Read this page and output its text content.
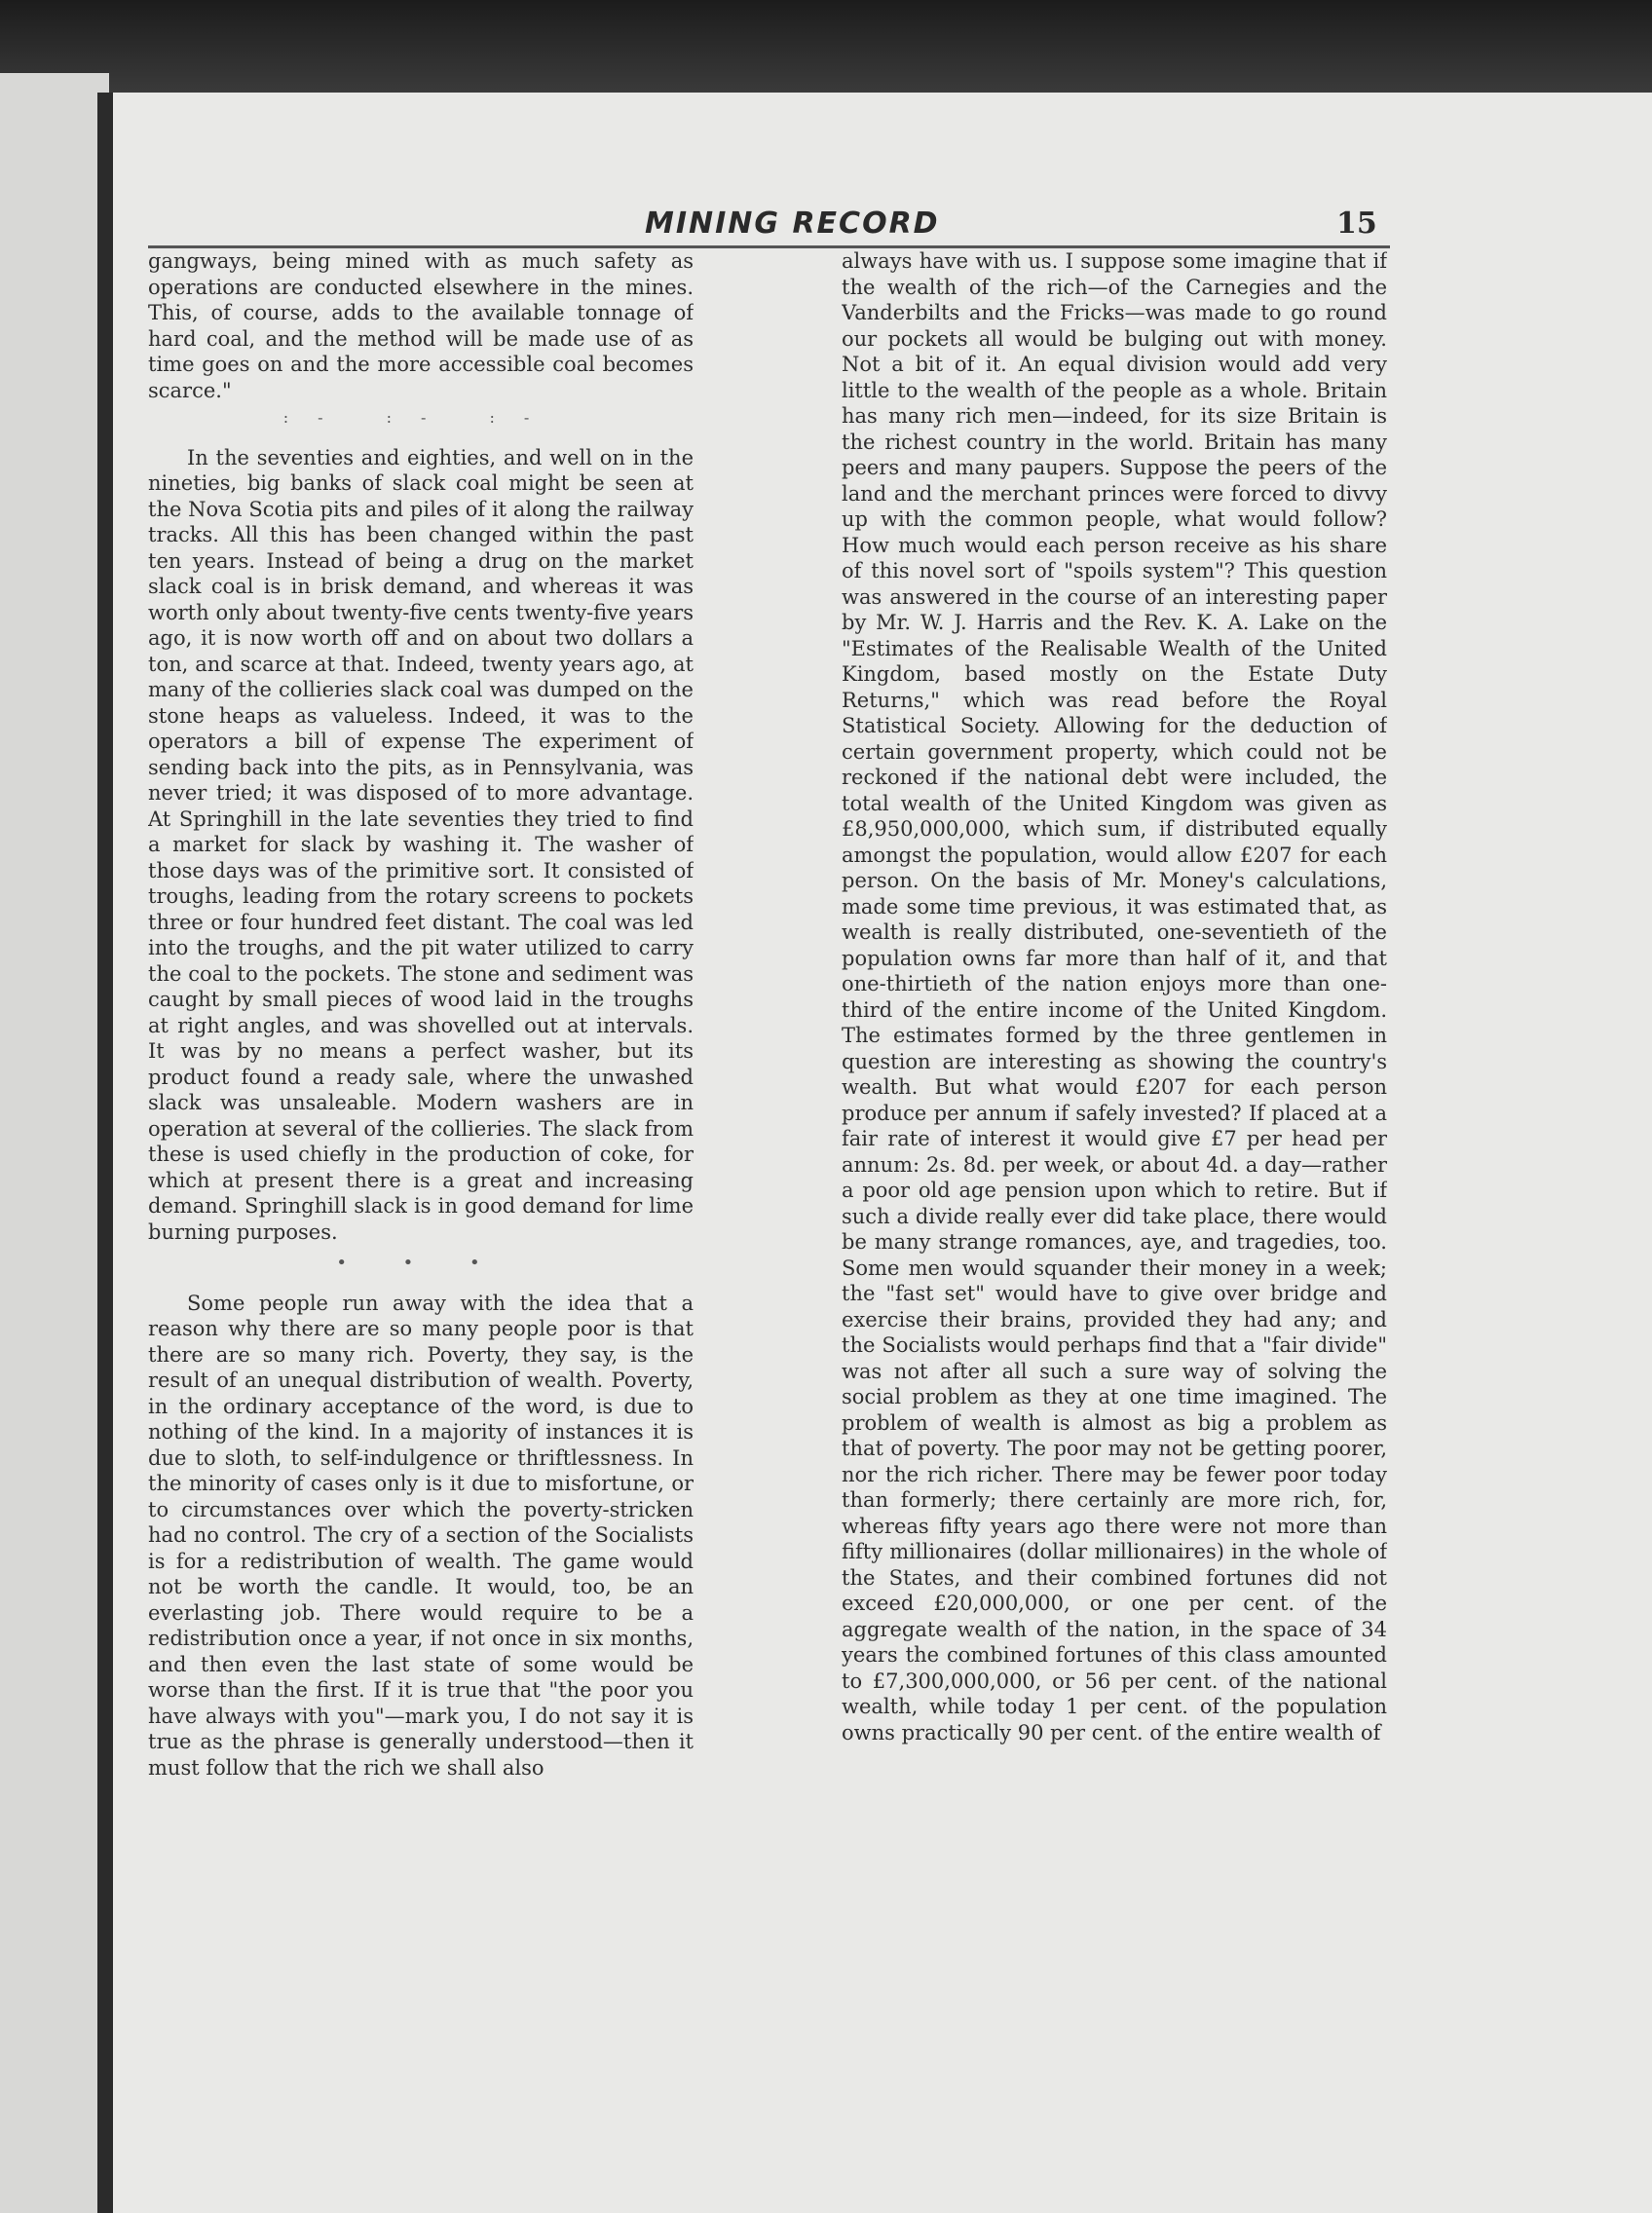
MINING RECORD	15

gangways, being mined with as much safety as operations are conducted elsewhere in the mines. This, of course, adds to the available tonnage of hard coal, and the method will be made use of as time goes on and the more accessible coal becomes scarce."

:- :- :-

In the seventies and eighties, and well on in the nineties, big banks of slack coal might be seen at the Nova Scotia pits and piles of it along the railway tracks. All this has been changed within the past ten years. Instead of being a drug on the market slack coal is in brisk demand, and whereas it was worth only about twenty-five cents twenty-five years ago, it is now worth off and on about two dollars a ton, and scarce at that. Indeed, twenty years ago, at many of the collieries slack coal was dumped on the stone heaps as valueless. Indeed, it was to the operators a bill of expense The experiment of sending back into the pits, as in Pennsylvania, was never tried; it was disposed of to more advantage. At Springhill in the late seventies they tried to find a market for slack by washing it. The washer of those days was of the primitive sort. It consisted of troughs, leading from the rotary screens to pockets three or four hundred feet distant. The coal was led into the troughs, and the pit water utilized to carry the coal to the pockets. The stone and sediment was caught by small pieces of wood laid in the troughs at right angles, and was shovelled out at intervals. It was by no means a perfect washer, but its product found a ready sale, where the unwashed slack was unsaleable. Modern washers are in operation at several of the collieries. The slack from these is used chiefly in the production of coke, for which at present there is a great and increasing demand. Springhill slack is in good demand for lime burning purposes.

• • •

Some people run away with the idea that a reason why there are so many people poor is that there are so many rich. Poverty, they say, is the result of an unequal distribution of wealth. Poverty, in the ordinary acceptance of the word, is due to nothing of the kind. In a majority of instances it is due to sloth, to self-indulgence or thriftlessness. In the minority of cases only is it due to misfortune, or to circumstances over which the poverty-stricken had no control. The cry of a section of the Socialists is for a redistribution of wealth. The game would not be worth the candle. It would, too, be an everlasting job. There would require to be a redistribution once a year, if not once in six months, and then even the last state of some would be worse than the first. If it is true that "the poor you have always with you"—mark you, I do not say it is true as the phrase is generally understood—then it must follow that the rich we shall also

always have with us. I suppose some imagine that if the wealth of the rich—of the Carnegies and the Vanderbilts and the Fricks—was made to go round our pockets all would be bulging out with money. Not a bit of it. An equal division would add very little to the wealth of the people as a whole. Britain has many rich men—indeed, for its size Britain is the richest country in the world. Britain has many peers and many paupers. Suppose the peers of the land and the merchant princes were forced to divvy up with the common people, what would follow? How much would each person receive as his share of this novel sort of "spoils system"? This question was answered in the course of an interesting paper by Mr. W. J. Harris and the Rev. K. A. Lake on the "Estimates of the Realisable Wealth of the United Kingdom, based mostly on the Estate Duty Returns," which was read before the Royal Statistical Society. Allowing for the deduction of certain government property, which could not be reckoned if the national debt were included, the total wealth of the United Kingdom was given as £8,950,000,000, which sum, if distributed equally amongst the population, would allow £207 for each person. On the basis of Mr. Money's calculations, made some time previous, it was estimated that, as wealth is really distributed, one-seventieth of the population owns far more than half of it, and that one-thirtieth of the nation enjoys more than one-third of the entire income of the United Kingdom. The estimates formed by the three gentlemen in question are interesting as showing the country's wealth. But what would £207 for each person produce per annum if safely invested? If placed at a fair rate of interest it would give £7 per head per annum: 2s. 8d. per week, or about 4d. a day—rather a poor old age pension upon which to retire. But if such a divide really ever did take place, there would be many strange romances, aye, and tragedies, too. Some men would squander their money in a week; the "fast set" would have to give over bridge and exercise their brains, provided they had any; and the Socialists would perhaps find that a "fair divide" was not after all such a sure way of solving the social problem as they at one time imagined. The problem of wealth is almost as big a problem as that of poverty. The poor may not be getting poorer, nor the rich richer. There may be fewer poor today than formerly; there certainly are more rich, for, whereas fifty years ago there were not more than fifty millionaires (dollar millionaires) in the whole of the States, and their combined fortunes did not exceed £20,000,000, or one per cent. of the aggregate wealth of the nation, in the space of 34 years the combined fortunes of this class amounted to £7,300,000,000, or 56 per cent. of the national wealth, while today 1 per cent. of the population owns practically 90 per cent. of the entire wealth of
